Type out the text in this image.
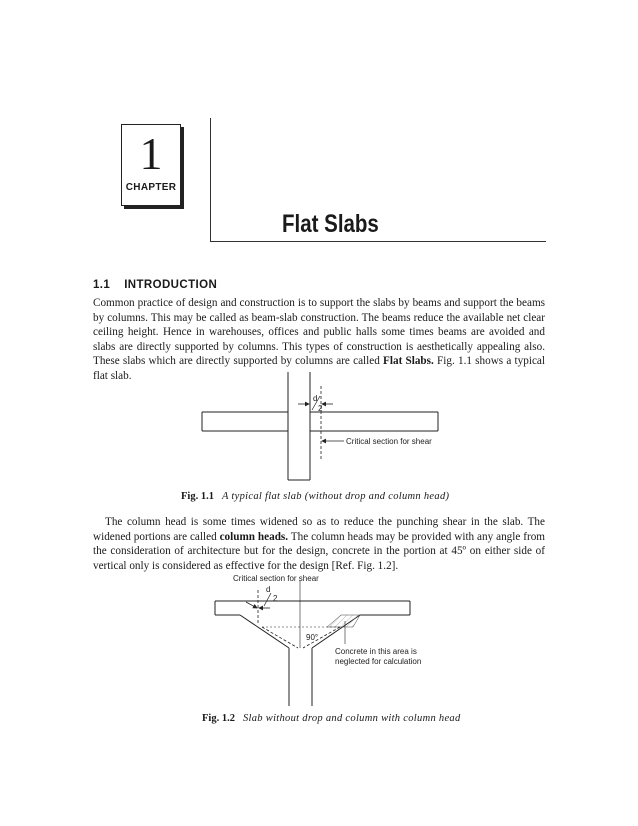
1
CHAPTER
Flat Slabs
1.1 INTRODUCTION

Common practice of design and construction is to support the slabs by beams and support the beams by columns. This may be called as beam-slab construction. The beams reduce the available net clear ceiling height. Hence in warehouses, offices and public halls some times beams are avoided and slabs are directly supported by columns. This types of construction is aesthetically appealing also. These slabs which are directly supported by columns are called Flat Slabs. Fig. 1.1 shows a typical flat slab.

d
2
Critical section for shear
90°
Critical section for shear
d
2
Concrete in this area is
neglected for calculation
Fig. 1.1 A typical flat slab (without drop and column head)

The column head is some times widened so as to reduce the punching shear in the slab. The widened portions are called column heads. The column heads may be provided with any angle from the consideration of architecture but for the design, concrete in the portion at 45º on either side of vertical only is considered as effective for the design [Ref. Fig. 1.2].

Fig. 1.2 Slab without drop and column with column head
